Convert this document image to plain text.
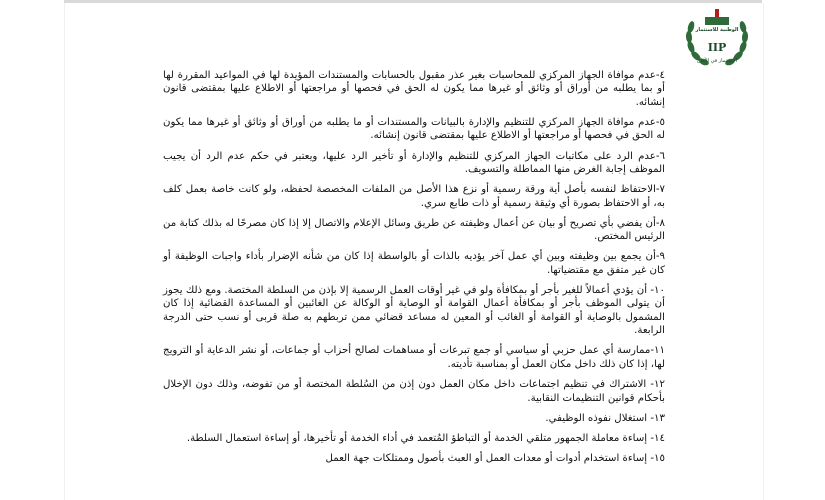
الوطنية للاستثمار
IIP
الاستثمار في الأمان

٤-عدم موافاة الجهاز المركزي للمحاسبات بغير عذر مقبول بالحسابات والمستندات المؤيدة لها في المواعيد المقررة لها أو بما يطلبه من أوراق أو وثائق أو غيرها مما يكون له الحق في فحصها أو مراجعتها أو الاطلاع عليها بمقتضى قانون إنشائه.

٥-عدم موافاة الجهاز المركزي للتنظيم والإدارة بالبيانات والمستندات أو ما يطلبه من أوراق أو وثائق أو غيرها مما يكون له الحق في فحصها أو مراجعتها أو الاطلاع عليها بمقتضى قانون إنشائه.

٦-عدم الرد على مكاتبات الجهاز المركزي للتنظيم والإدارة أو تأخير الرد عليها، ويعتبر في حكم عدم الرد أن يجيب الموظف إجابة الغرض منها المماطلة والتسويف.

٧-الاحتفاظ لنفسه بأصل أية ورقة رسمية أو نزع هذا الأصل من الملفات المخصصة لحفظه، ولو كانت خاصة بعمل كلف به، أو الاحتفاظ بصورة أي وثيقة رسمية أو ذات طابع سري.

٨-أن يفضي بأي تصريح أو بيان عن أعمال وظيفته عن طريق وسائل الإعلام والاتصال إلا إذا كان مصرحًا له بذلك كتابة من الرئيس المختص.

٩-أن يجمع بين وظيفته وبين أي عمل آخر يؤديه بالذات أو بالواسطة إذا كان من شأنه الإضرار بأداء واجبات الوظيفة أو كان غير متفق مع مقتضياتها.

١٠- أن يؤدي أعمالاً للغير بأجر أو بمكافأة ولو في غير أوقات العمل الرسمية إلا بإذن من السلطة المختصة. ومع ذلك يجوز أن يتولى الموظف بأجر أو بمكافأة أعمال القوامة أو الوصاية أو الوكالة عن الغائبين أو المساعدة القضائية إذا كان المشمول بالوصاية أو القوامة أو الغائب أو المعين له مساعد قضائي ممن تربطهم به صلة قربى أو نسب حتى الدرجة الرابعة.

١١-ممارسة أي عمل حزبي أو سياسي أو جمع تبرعات أو مساهمات لصالح أحزاب أو جماعات، أو نشر الدعاية أو الترويج لها، إذا كان ذلك داخل مكان العمل أو بمناسبة تأديته.

١٢- الاشتراك في تنظيم اجتماعات داخل مكان العمل دون إذن من السُلطة المختصة أو من تفوضه، وذلك دون الإخلال بأحكام قوانين التنظيمات النقابية.

١٣- استغلال نفوذه الوظيفي.

١٤- إساءة معاملة الجمهور متلقي الخدمة أو التباطؤ المُتعمد في أداء الخدمة أو تأخيرها، أو إساءة استعمال السلطة.

١٥- إساءة استخدام أدوات أو معدات العمل أو العبث بأصول وممتلكات جهة العمل
